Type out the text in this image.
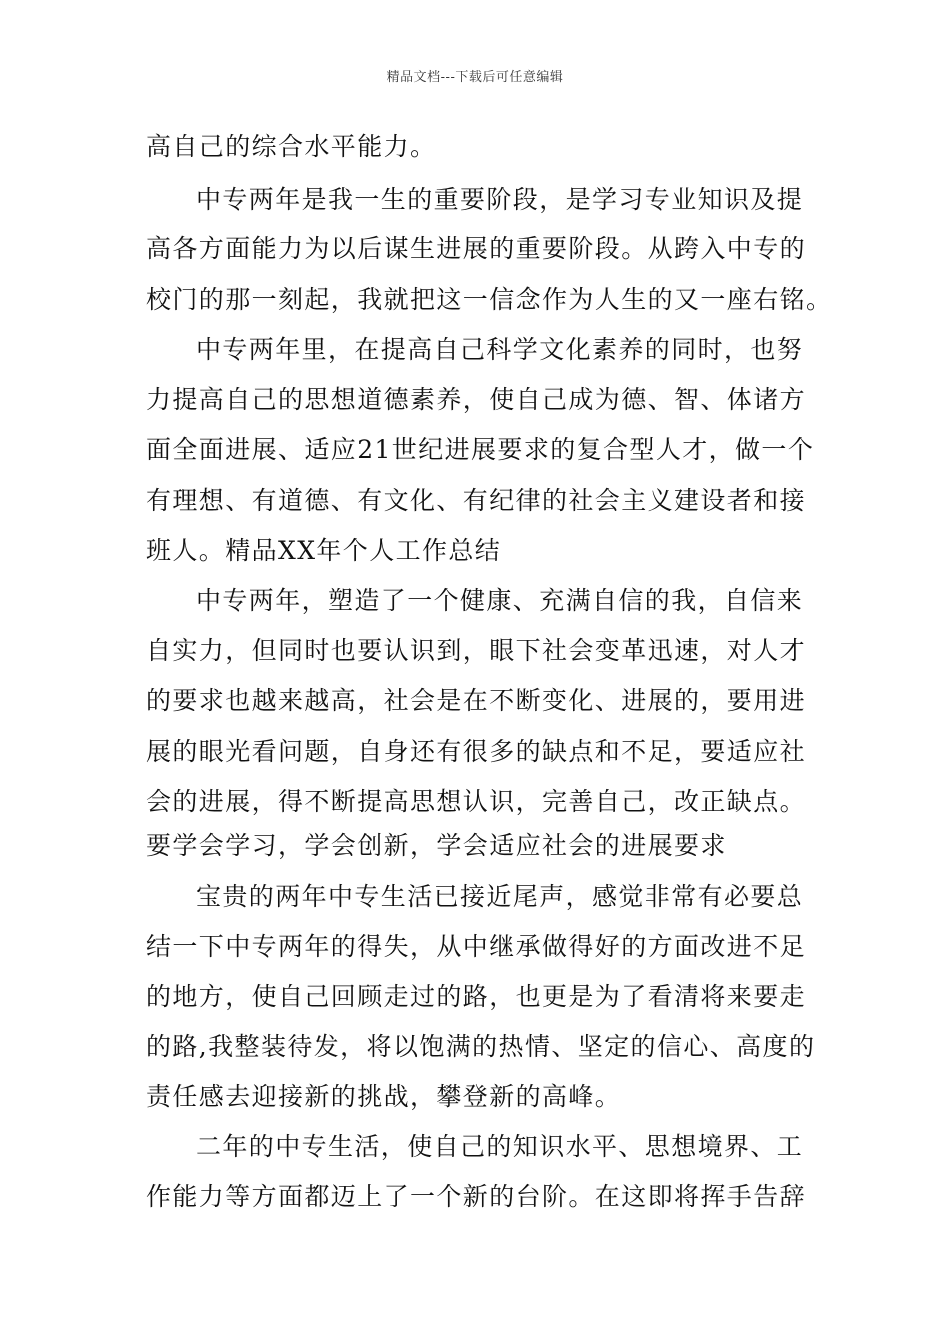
精品文档---下载后可任意编辑
高自己的综合水平能力。
中专两年是我一生的重要阶段，是学习专业知识及提
高各方面能力为以后谋生进展的重要阶段。从跨入中专的
校门的那一刻起，我就把这一信念作为人生的又一座右铭。
中专两年里，在提高自己科学文化素养的同时，也努
力提高自己的思想道德素养，使自己成为德、智、体诸方
面全面进展、适应21世纪进展要求的复合型人才，做一个
有理想、有道德、有文化、有纪律的社会主义建设者和接
班人。精品XX年个人工作总结
中专两年，塑造了一个健康、充满自信的我，自信来
自实力，但同时也要认识到，眼下社会变革迅速，对人才
的要求也越来越高，社会是在不断变化、进展的，要用进
展的眼光看问题，自身还有很多的缺点和不足，要适应社
会的进展，得不断提高思想认识，完善自己，改正缺点。
要学会学习，学会创新，学会适应社会的进展要求
宝贵的两年中专生活已接近尾声，感觉非常有必要总
结一下中专两年的得失，从中继承做得好的方面改进不足
的地方，使自己回顾走过的路，也更是为了看清将来要走
的路,我整装待发，将以饱满的热情、坚定的信心、高度的
责任感去迎接新的挑战，攀登新的高峰。
二年的中专生活，使自己的知识水平、思想境界、工
作能力等方面都迈上了一个新的台阶。在这即将挥手告辞
